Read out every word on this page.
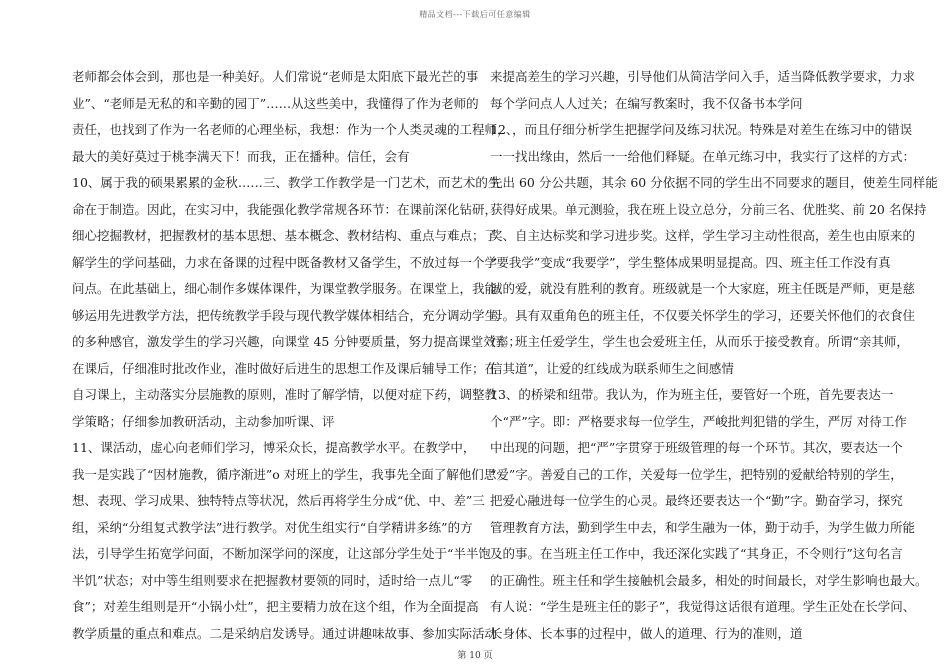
精品文档---下载后可任意编辑
老师都会体会到，那也是一种美好。人们常说“老师是太阳底下最光芒的事
业”、“老师是无私的和辛勤的园丁”……从这些美中，我懂得了作为老师的
责任，也找到了作为一名老师的心理坐标，我想：作为一个人类灵魂的工程师，
最大的美好莫过于桃李满天下！而我，正在播种。信任，会有
10、属于我的硕果累累的金秋……三、教学工作教学是一门艺术，而艺术的生
命在于制造。因此，在实习中，我能强化教学常规各环节：在课前深化钻研，
细心挖掘教材，把握教材的基本思想、基本概念、教材结构、重点与难点；了
解学生的学问基础，力求在备课的过程中既备教材又备学生，不放过每一个学
问点。在此基础上，细心制作多媒体课件，为课堂教学服务。在课堂上，我能
够运用先进教学方法，把传统教学手段与现代教学媒体相结合，充分调动学生
的多种感官，激发学生的学习兴趣，向课堂 45 分钟要质量，努力提高课堂效率；
在课后，仔细准时批改作业，准时做好后进生的思想工作及课后辅导工作；在
自习课上，主动落实分层施教的原则，准时了解学情，以便对症下药，调整教
学策略；仔细参加教研活动，主动参加听课、评
11、课活动，虚心向老师们学习，博采众长，提高教学水平。在教学中，
我一是实践了“因材施教，循序渐进”o 对班上的学生，我事先全面了解他们思
想、表现、学习成果、独特特点等状况，然后再将学生分成“优、中、差”三
组，采纳“分组复式教学法”进行教学。对优生组实行“自学精讲多练”的方
法，引导学生拓宽学问面，不断加深学问的深度，让这部分学生处于“半半饱
半饥”状态；对中等生组则要求在把握教材要领的同时，适时给一点儿“零
食”；对差生组则是开“小锅小灶”，把主要精力放在这个组，作为全面提高
教学质量的重点和难点。二是采纳启发诱导。通过讲趣味故事、参加实际活动
来提高差生的学习兴趣，引导他们从简洁学问入手，适当降低教学要求，力求
每个学问点人人过关；在编写教案时，我不仅备书本学问
12、，而且仔细分析学生把握学问及练习状况。特殊是对差生在练习中的错误
一一找出缘由，然后一一给他们释疑。在单元练习中，我实行了这样的方式：
先出 60 分公共题，其余 60 分依据不同的学生出不同要求的题目，使差生同样能
获得好成果。单元测验，我在班上设立总分，分前三名、优胜奖、前 20 名保持
奖、自主达标奖和学习进步奖。这样，学生学习主动性很高，差生也由原来的
“要我学”变成“我要学”，学生整体成果明显提高。四、班主任工作没有真
诚的爱，就没有胜利的教育。班级就是一个大家庭，班主任既是严师，更是慈
母。具有双重角色的班主任，不仅要关怀学生的学习，还要关怀他们的衣食住
行。班主任爱学生，学生也会爱班主任，从而乐于接受教育。所谓“亲其师，
信其道”，让爱的红线成为联系师生之间感情
13、的桥梁和纽带。我认为，作为班主任，要管好一个班，首先要表达一
个“严”字。即：严格要求每一位学生，严峻批判犯错的学生，严厉 对待工作
中出现的问题，把“严”字贯穿于班级管理的每一个环节。其次，要表达一个
“爱”字。善爱自己的工作，关爱每一位学生，把特别的爱献给特别的学生，
把爱心融进每一位学生的心灵。最终还要表达一个“勤”字。勤奋学习，探究
管理教育方法，勤到学生中去，和学生融为一体，勤于动手，为学生做力所能
及的事。在当班主任工作中，我还深化实践了“其身正，不令则行”这句名言
的正确性。班主任和学生接触机会最多，相处的时间最长，对学生影响也最大。
有人说：“学生是班主任的影子”，我觉得这话很有道理。学生正处在长学问、
长身体、长本事的过程中，做人的道理、行为的准则，道
第 10 页
